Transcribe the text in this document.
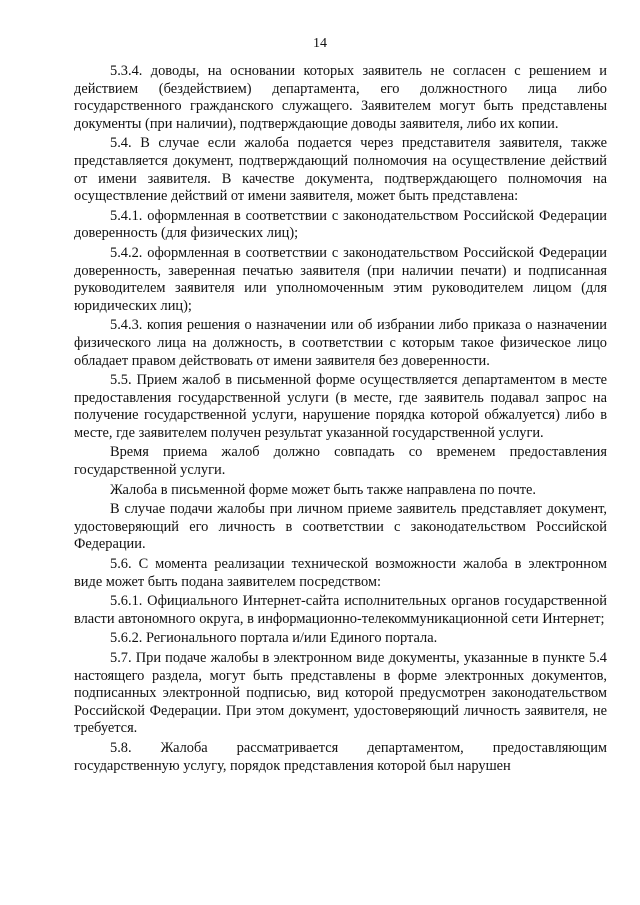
14

5.3.4. доводы, на основании которых заявитель не согласен с решением и действием (бездействием) департамента, его должностного лица либо государственного гражданского служащего. Заявителем могут быть представлены документы (при наличии), подтверждающие доводы заявителя, либо их копии.

5.4. В случае если жалоба подается через представителя заявителя, также представляется документ, подтверждающий полномочия на осуществление действий от имени заявителя. В качестве документа, подтверждающего полномочия на осуществление действий от имени заявителя, может быть представлена:

5.4.1. оформленная в соответствии с законодательством Российской Федерации доверенность (для физических лиц);

5.4.2. оформленная в соответствии с законодательством Российской Федерации доверенность, заверенная печатью заявителя (при наличии печати) и подписанная руководителем заявителя или уполномоченным этим руководителем лицом (для юридических лиц);

5.4.3. копия решения о назначении или об избрании либо приказа о назначении физического лица на должность, в соответствии с которым такое физическое лицо обладает правом действовать от имени заявителя без доверенности.

5.5. Прием жалоб в письменной форме осуществляется департаментом в месте предоставления государственной услуги (в месте, где заявитель подавал запрос на получение государственной услуги, нарушение порядка которой обжалуется) либо в месте, где заявителем получен результат указанной государственной услуги.

Время приема жалоб должно совпадать со временем предоставления государственной услуги.

Жалоба в письменной форме может быть также направлена по почте.

В случае подачи жалобы при личном приеме заявитель представляет документ, удостоверяющий его личность в соответствии с законодательством Российской Федерации.

5.6. С момента реализации технической возможности жалоба в электронном виде может быть подана заявителем посредством:

5.6.1. Официального Интернет-сайта исполнительных органов государственной власти автономного округа, в информационно-телекоммуникационной сети Интернет;

5.6.2. Регионального портала и/или Единого портала.

5.7. При подаче жалобы в электронном виде документы, указанные в пункте 5.4 настоящего раздела, могут быть представлены в форме электронных документов, подписанных электронной подписью, вид которой предусмотрен законодательством Российской Федерации. При этом документ, удостоверяющий личность заявителя, не требуется.

5.8. Жалоба рассматривается департаментом, предоставляющим государственную услугу, порядок представления которой был нарушен
